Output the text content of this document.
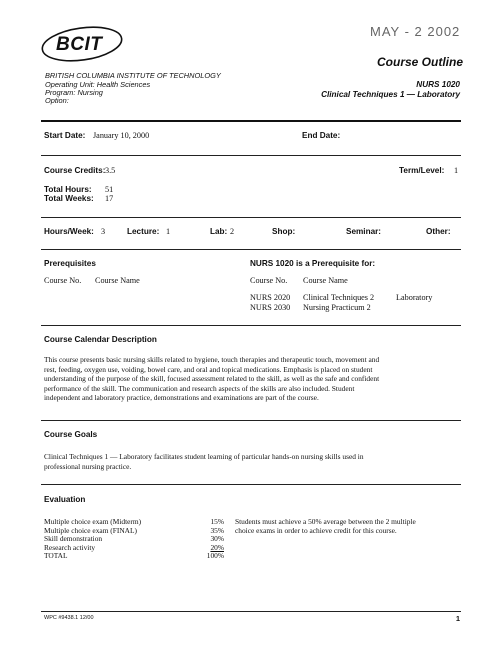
BCIT
MAY - 2 2002
Course Outline
BRITISH COLUMBIA INSTITUTE OF TECHNOLOGY
Operating Unit: Health Sciences
Program: Nursing
Option:
NURS 1020
Clinical Techniques 1 — Laboratory
Start Date: January 10, 2000	End Date:
Course Credits: 3.5	Term/Level: 1
Total Hours: 51
Total Weeks: 17
Hours/Week: 3	Lecture: 1	Lab: 2	Shop:	Seminar:	Other:
Prerequisites
Course No. Course Name
NURS 1020 is a Prerequisite for:
Course No. Course Name
NURS 2020 Clinical Techniques 2	Laboratory
NURS 2030 Nursing Practicum 2
Course Calendar Description
This course presents basic nursing skills related to hygiene, touch therapies and therapeutic touch, movement and
rest, feeding, oxygen use, voiding, bowel care, and oral and topical medications. Emphasis is placed on student
understanding of the purpose of the skill, focused assessment related to the skill, as well as the safe and confident
performance of the skill. The communication and research aspects of the skills are also included. Student
independent and laboratory practice, demonstrations and examinations are part of the course.
Course Goals
Clinical Techniques 1 — Laboratory facilitates student learning of particular hands-on nursing skills used in
professional nursing practice.
Evaluation
Multiple choice exam (Midterm)	15%
Multiple choice exam (FINAL)	35%
Skill demonstration	30%
Research activity	20%
TOTAL	100%
Students must achieve a 50% average between the 2 multiple
choice exams in order to achieve credit for this course.
WPC #9438.1 12/00	1
